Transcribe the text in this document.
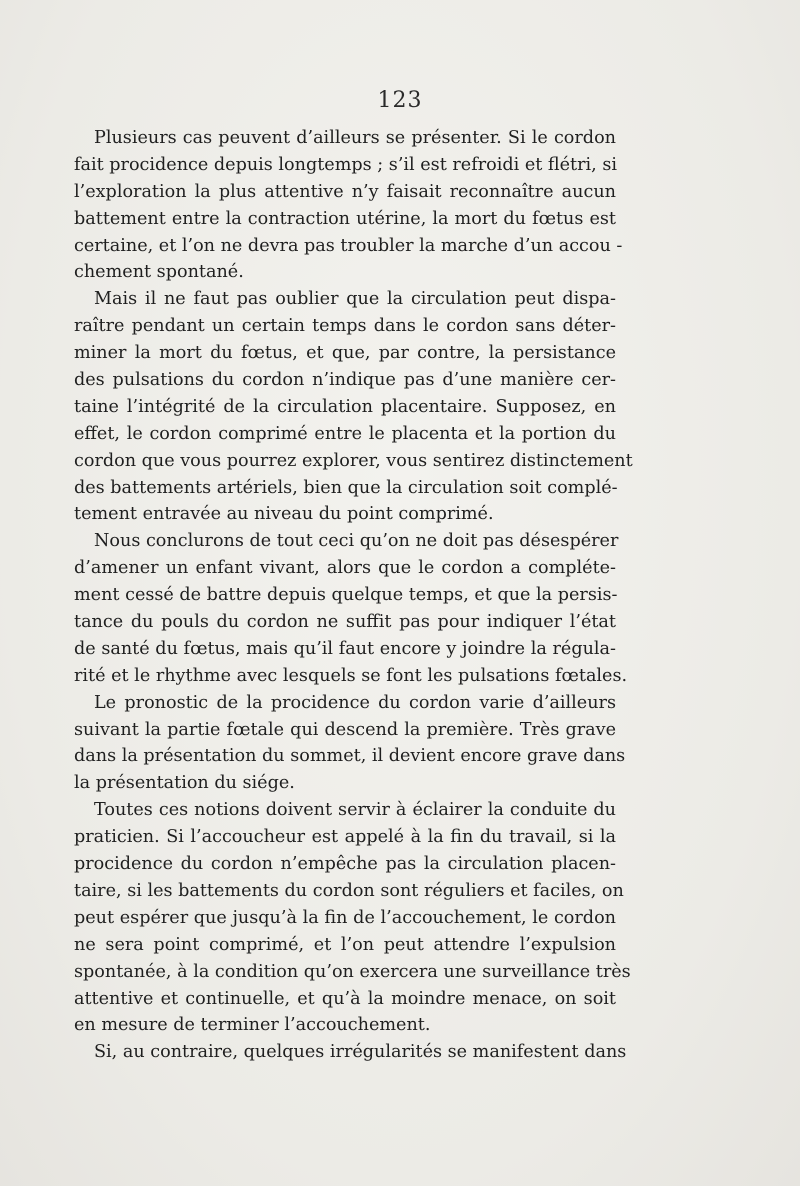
123
Plusieurs cas peuvent d’ailleurs se présenter. Si le cordon
fait procidence depuis longtemps ; s’il est refroidi et flétri, si
l’exploration la plus attentive n’y faisait reconnaître aucun
battement entre la contraction utérine, la mort du fœtus est
certaine, et l’on ne devra pas troubler la marche d’un accou -
chement spontané.
Mais il ne faut pas oublier que la circulation peut dispa-
raître pendant un certain temps dans le cordon sans déter-
miner la mort du fœtus, et que, par contre, la persistance
des pulsations du cordon n’indique pas d’une manière cer-
taine l’intégrité de la circulation placentaire. Supposez, en
effet, le cordon comprimé entre le placenta et la portion du
cordon que vous pourrez explorer, vous sentirez distinctement
des battements artériels, bien que la circulation soit complé-
tement entravée au niveau du point comprimé.
Nous conclurons de tout ceci qu’on ne doit pas désespérer
d’amener un enfant vivant, alors que le cordon a compléte-
ment cessé de battre depuis quelque temps, et que la persis-
tance du pouls du cordon ne suffit pas pour indiquer l’état
de santé du fœtus, mais qu’il faut encore y joindre la régula-
rité et le rhythme avec lesquels se font les pulsations fœtales.
Le pronostic de la procidence du cordon varie d’ailleurs
suivant la partie fœtale qui descend la première. Très grave
dans la présentation du sommet, il devient encore grave dans
la présentation du siége.
Toutes ces notions doivent servir à éclairer la conduite du
praticien. Si l’accoucheur est appelé à la fin du travail, si la
procidence du cordon n’empêche pas la circulation placen-
taire, si les battements du cordon sont réguliers et faciles, on
peut espérer que jusqu’à la fin de l’accouchement, le cordon
ne sera point comprimé, et l’on peut attendre l’expulsion
spontanée, à la condition qu’on exercera une surveillance très
attentive et continuelle, et qu’à la moindre menace, on soit
en mesure de terminer l’accouchement.
Si, au contraire, quelques irrégularités se manifestent dans
